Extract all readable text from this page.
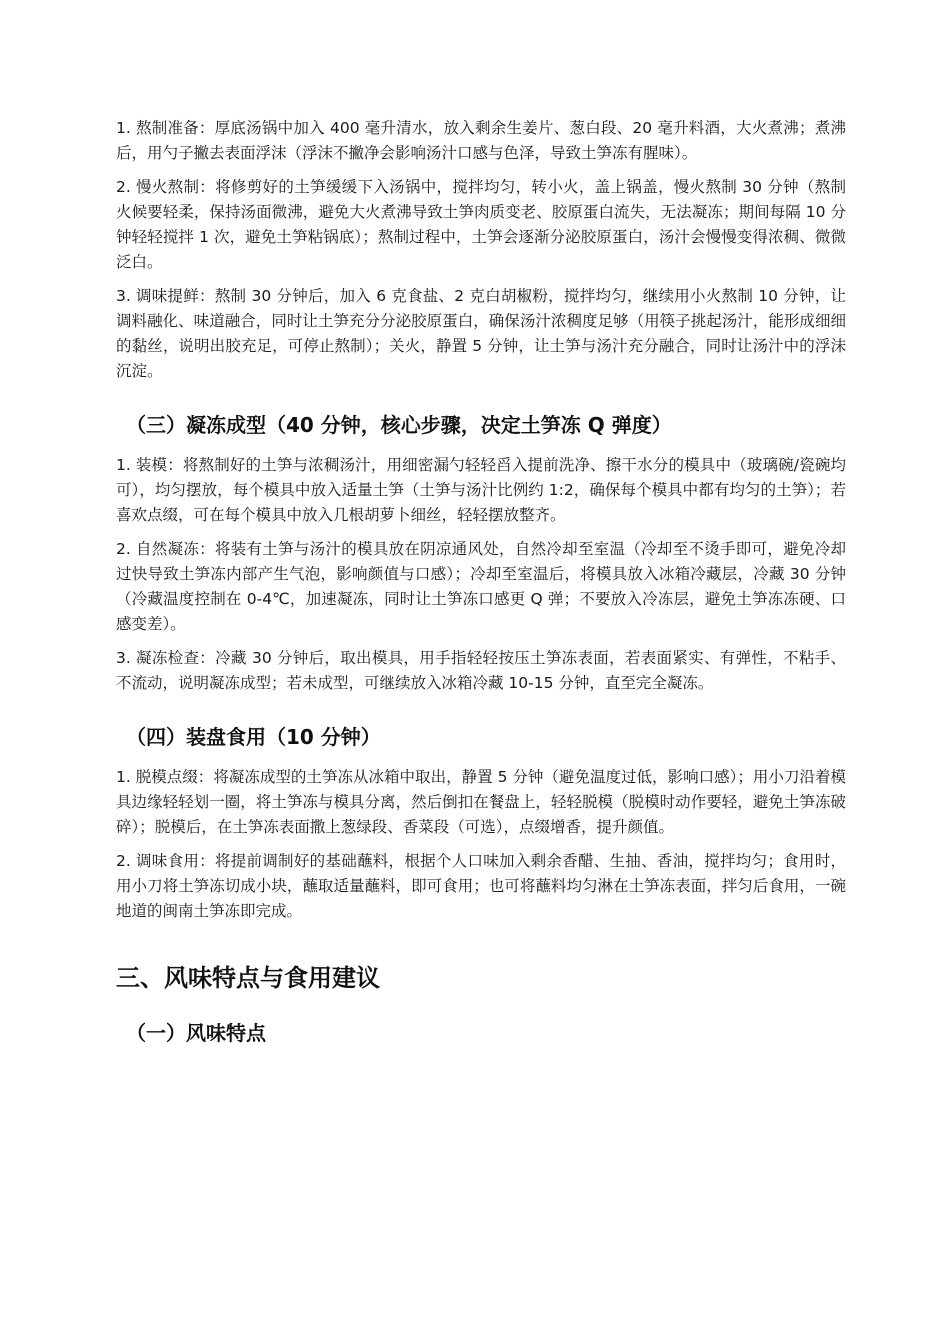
1. 熬制准备：厚底汤锅中加入 400 毫升清水，放入剩余生姜片、葱白段、20 毫升料酒，大火煮沸；煮沸后，用勺子撇去表面浮沫（浮沫不撇净会影响汤汁口感与色泽，导致土笋冻有腥味）。

2. 慢火熬制：将修剪好的土笋缓缓下入汤锅中，搅拌均匀，转小火，盖上锅盖，慢火熬制 30 分钟（熬制火候要轻柔，保持汤面微沸，避免大火煮沸导致土笋肉质变老、胶原蛋白流失，无法凝冻；期间每隔 10 分钟轻轻搅拌 1 次，避免土笋粘锅底）；熬制过程中，土笋会逐渐分泌胶原蛋白，汤汁会慢慢变得浓稠、微微泛白。

3. 调味提鲜：熬制 30 分钟后，加入 6 克食盐、2 克白胡椒粉，搅拌均匀，继续用小火熬制 10 分钟，让调料融化、味道融合，同时让土笋充分分泌胶原蛋白，确保汤汁浓稠度足够（用筷子挑起汤汁，能形成细细的黏丝，说明出胶充足，可停止熬制）；关火，静置 5 分钟，让土笋与汤汁充分融合，同时让汤汁中的浮沫沉淀。

（三）凝冻成型（40 分钟，核心步骤，决定土笋冻 Q 弹度）

1. 装模：将熬制好的土笋与浓稠汤汁，用细密漏勺轻轻舀入提前洗净、擦干水分的模具中（玻璃碗/瓷碗均可），均匀摆放，每个模具中放入适量土笋（土笋与汤汁比例约 1:2，确保每个模具中都有均匀的土笋）；若喜欢点缀，可在每个模具中放入几根胡萝卜细丝，轻轻摆放整齐。

2. 自然凝冻：将装有土笋与汤汁的模具放在阴凉通风处，自然冷却至室温（冷却至不烫手即可，避免冷却过快导致土笋冻内部产生气泡，影响颜值与口感）；冷却至室温后，将模具放入冰箱冷藏层，冷藏 30 分钟（冷藏温度控制在 0-4℃，加速凝冻，同时让土笋冻口感更 Q 弹；不要放入冷冻层，避免土笋冻冻硬、口感变差）。

3. 凝冻检查：冷藏 30 分钟后，取出模具，用手指轻轻按压土笋冻表面，若表面紧实、有弹性，不粘手、不流动，说明凝冻成型；若未成型，可继续放入冰箱冷藏 10-15 分钟，直至完全凝冻。

（四）装盘食用（10 分钟）

1. 脱模点缀：将凝冻成型的土笋冻从冰箱中取出，静置 5 分钟（避免温度过低，影响口感）；用小刀沿着模具边缘轻轻划一圈，将土笋冻与模具分离，然后倒扣在餐盘上，轻轻脱模（脱模时动作要轻，避免土笋冻破碎）；脱模后，在土笋冻表面撒上葱绿段、香菜段（可选），点缀增香，提升颜值。

2. 调味食用：将提前调制好的基础蘸料，根据个人口味加入剩余香醋、生抽、香油，搅拌均匀；食用时，用小刀将土笋冻切成小块，蘸取适量蘸料，即可食用；也可将蘸料均匀淋在土笋冻表面，拌匀后食用，一碗地道的闽南土笋冻即完成。

三、风味特点与食用建议
（一）风味特点
